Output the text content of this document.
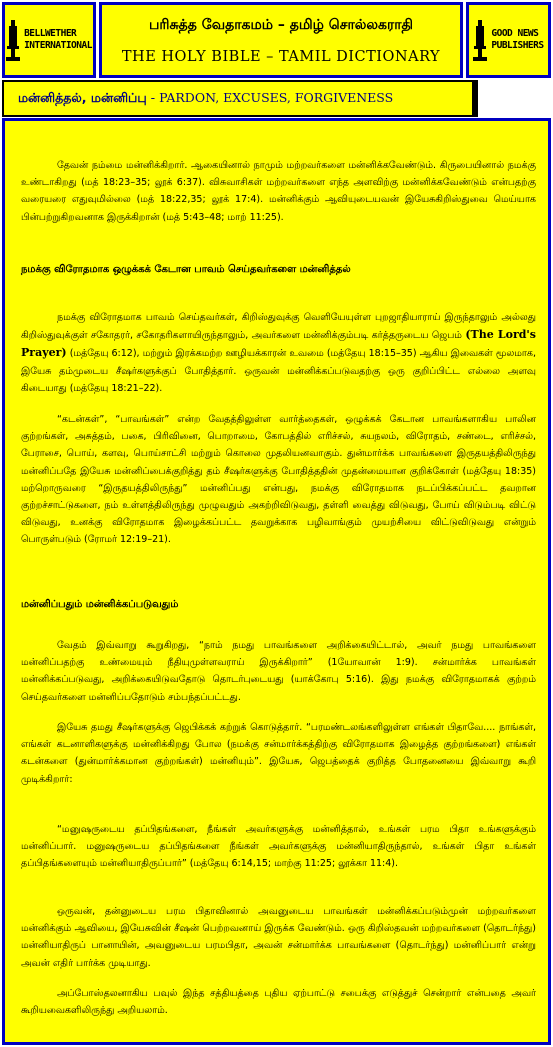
BELLWETHER
INTERNATIONAL
பரிசுத்த வேதாகமம் – தமிழ் சொல்லகராதி
THE HOLY BIBLE – TAMIL DICTIONARY
GOOD NEWS
PUBLISHERS
மன்னித்தல், மன்னிப்பு - PARDON, EXCUSES, FORGIVENESS
தேவன் நம்மை மன்னிக்கிறார். ஆகையினால் நாமும் மற்றவர்களை மன்னிக்கவேண்டும். கிருபையினால் நமக்கு உண்டாகிறது (மத் 18:23–35; லூக் 6:37). விசுவாசிகள் மற்றவர்களை எந்த அளவிற்கு மன்னிக்கவேண்டும் என்பதற்கு வரையரை எதுவுமில்லை (மத் 18:22,35; லூக் 17:4). மன்னிக்கும் ஆவியுடையவன் இயேசுகிறிஸ்துவை மெய்யாக பின்பற்றுகிறவனாக இருக்கிறான் (மத் 5:43–48; மாற் 11:25).
நமக்கு விரோதமாக ஒழுக்கக் கேடான பாவம் செய்தவர்களை மன்னித்தல்
நமக்கு விரோதமாக பாவம் செய்தவர்கள், கிறிஸ்துவுக்கு வெளியேயுள்ள புறஜாதியாராய் இருந்தாலும் அல்லது கிறிஸ்துவுக்குள் சகோதரர், சகோதரிகளாயிருந்தாலும், அவர்களை மன்னிக்கும்படி கர்த்தருடைய ஜெபம் (The Lord's Prayer) (மத்தேயு 6:12), மற்றும் இரக்கமற்ற ஊழியக்காரன் உவமை (மத்தேயு 18:15–35) ஆகிய இவைகள் மூலமாக, இயேசு தம்முடைய சீஷர்களுக்குப் போதித்தார். ஒருவன் மன்னிக்கப்படுவதற்கு ஒரு குறிப்பிட்ட எல்லை அளவு கிடையாது (மத்தேயு 18:21–22).
“கடன்கள்”, “பாவங்கள்” என்ற வேதத்திலுள்ள வார்த்தைகள், ஒழுக்கக் கேடான பாவங்களாகிய பாலின குற்றங்கள், அசுத்தம், பகை, பிரிவினை, பொறாமை, கோபத்தில் எரிச்சல், சுயநலம், விரோதம், சண்டை, எரிச்சல், பேராசை, பொய், களவு, பொய்சாட்சி மற்றும் கொலை முதலியனவாகும். துன்மார்க்க பாவங்களை இருதயத்திலிருந்து மன்னிப்பதே இயேசு மன்னிப்பைக்குறித்து தம் சீஷர்களுக்கு போதித்ததின் முதன்மையான குறிக்கோள் (மத்தேயு 18:35) மற்றொருவரை “இருதயத்திலிருந்து” மன்னிப்பது என்பது, நமக்கு விரோதமாக நடப்பிக்கப்பட்ட தவறான குற்றச்சாட்டுகளை, நம் உள்ளத்திலிருந்து முழுவதும் அகற்றிவிடுவது, தள்ளி வைத்து விடுவது, போய் விடும்படி விட்டு விடுவது, உனக்கு விரோதமாக இழைக்கப்பட்ட தவறுக்காக பழிவாங்கும் முயற்சியை விட்டுவிடுவது என்றும் பொருள்படும் (ரோமர் 12:19–21).
மன்னிப்பதும் மன்னிக்கப்படுவதும்
வேதம் இவ்வாறு கூறுகிறது, “நாம் நமது பாவங்களை அறிக்கையிட்டால், அவர் நமது பாவங்களை மன்னிப்பதற்கு உண்மையும் நீதியுமுள்ளவராய் இருக்கிறார்” (1யோவான் 1:9). சன்மார்க்க பாவங்கள் மன்னிக்கப்படுவது, அறிக்கையிடுவதோடு தொடர்புடையது (யாக்கோபு 5:16). இது நமக்கு விரோதமாகக் குற்றம் செய்தவர்களை மன்னிப்பதோடும் சம்பந்தப்பட்டது.
இயேசு தமது சீஷர்களுக்கு ஜெபிக்கக் கற்றுக் கொடுத்தார். “பரமண்டலங்களிலுள்ள எங்கள் பிதாவே.... நாங்கள், எங்கள் கடனாளிகளுக்கு மன்னிக்கிறது போல (நமக்கு சன்மார்க்கத்திற்கு விரோதமாக இழைத்த குற்றங்களை) எங்கள் கடன்களை (துன்மார்க்கமான குற்றங்கள்) மன்னியும்”. இயேசு, ஜெபத்தைக் குறித்த போதனையை இவ்வாறு கூறி முடிக்கிறார்:
“மனுஷருடைய தப்பிதங்களை, நீங்கள் அவர்களுக்கு மன்னித்தால், உங்கள் பரம பிதா உங்களுக்கும் மன்னிப்பார். மனுஷருடைய தப்பிதங்களை நீங்கள் அவர்களுக்கு மன்னியாதிருந்தால், உங்கள் பிதா உங்கள் தப்பிதங்களையும் மன்னியாதிருப்பார்” (மத்தேயு 6:14,15; மாற்கு 11:25; லூக்கா 11:4).
ஒருவன், தன்னுடைய பரம பிதாவினால் அவனுடைய பாவங்கள் மன்னிக்கப்படும்முன் மற்றவர்களை மன்னிக்கும் ஆவியை, இயேசுவின் சீஷன் பெற்றவனாய் இருக்க வேண்டும். ஒரு கிறிஸ்தவன் மற்றவர்களை (தொடர்ந்து) மன்னியாதிருப் பானாயின், அவனுடைய பரமபிதா, அவன் சன்மார்க்க பாவங்களை (தொடர்ந்து) மன்னிப்பார் என்று அவன் எதிர் பார்க்க முடியாது.
அப்போஸ்தலனாகிய பவுல் இந்த சத்தியத்தை புதிய ஏற்பாட்டு சபைக்கு எடுத்துச் சென்றார் என்பதை அவர் கூறியவைகளிலிருந்து அறியலாம்.
